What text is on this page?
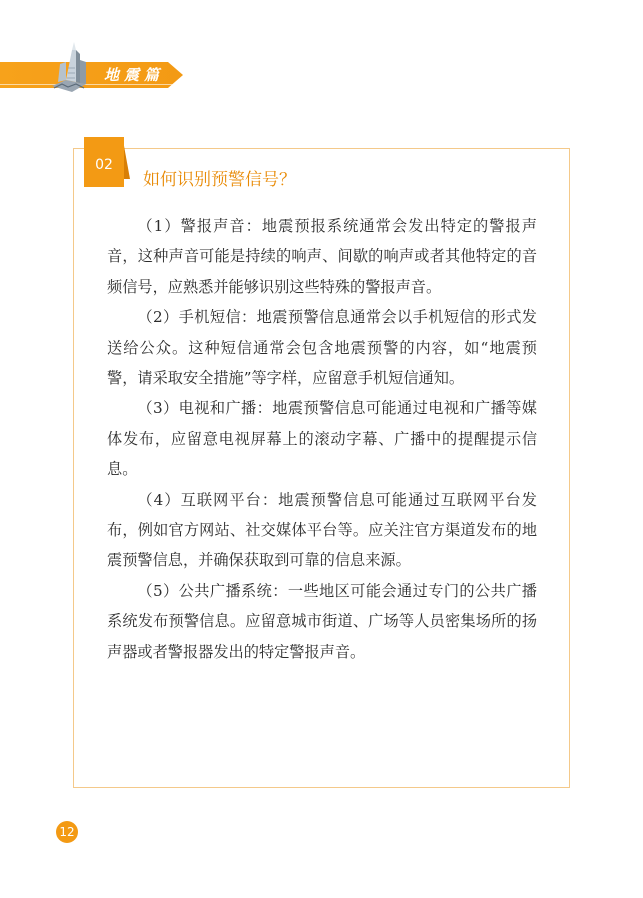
地震篇
02
如何识别预警信号？

（1）警报声音：地震预报系统通常会发出特定的警报声音，这种声音可能是持续的响声、间歇的响声或者其他特定的音频信号，应熟悉并能够识别这些特殊的警报声音。

（2）手机短信：地震预警信息通常会以手机短信的形式发送给公众。这种短信通常会包含地震预警的内容，如“地震预警，请采取安全措施”等字样，应留意手机短信通知。

（3）电视和广播：地震预警信息可能通过电视和广播等媒体发布，应留意电视屏幕上的滚动字幕、广播中的提醒提示信息。

（4）互联网平台：地震预警信息可能通过互联网平台发布，例如官方网站、社交媒体平台等。应关注官方渠道发布的地震预警信息，并确保获取到可靠的信息来源。

（5）公共广播系统：一些地区可能会通过专门的公共广播系统发布预警信息。应留意城市街道、广场等人员密集场所的扬声器或者警报器发出的特定警报声音。

12
